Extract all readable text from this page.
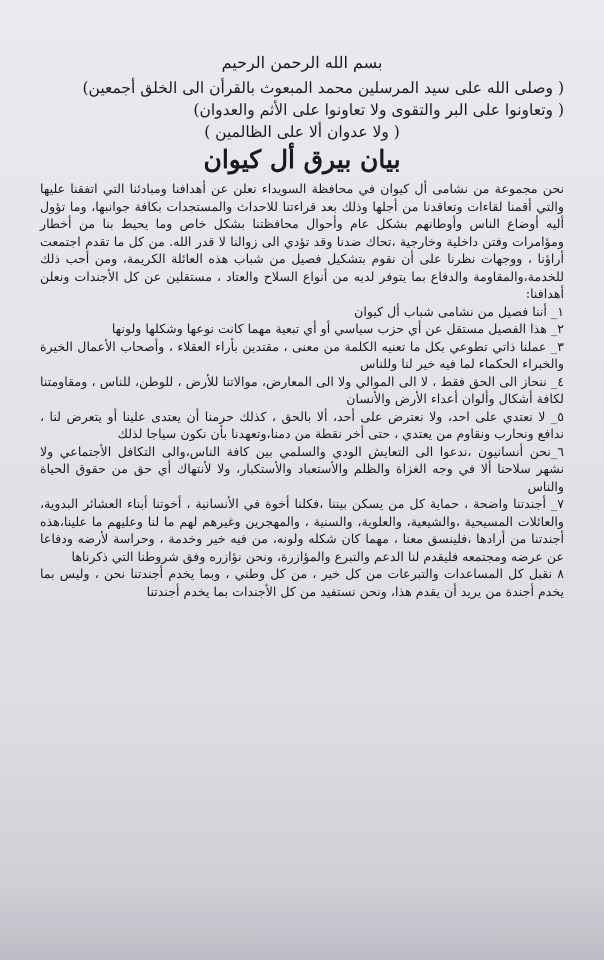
بسم الله الرحمن الرحيم

( وصلى الله على سيد المرسلين محمد المبعوث بالقرأن الى الخلق أجمعين)

( وتعاونوا على البر والتقوى ولا تعاونوا على الأثم والعدوان)

( ولا عدوان ألا على الظالمين )

بيان بيرق أل كيوان

نحن مجموعة من نشامى أل كيوان في محافظة السويداء نعلن عن أهدافنا ومبادئنا التي اتفقنا عليها والتي أقمنا لقاءات وتعاقدنا من أجلها وذلك بعد قراءتنا للاحداث والمستجدات بكافة جوانبها، وما تؤول أليه أوضاع الناس وأوطانهم بشكل عام وأحوال محافظتنا بشكل خاص وما يحيط بنا من أخطار ومؤامرات وفتن داخلية وخارجية ،تحاك ضدنا وقد تؤدي الى زوالنا لا قدر الله. من كل ما تقدم اجتمعت أراؤنا ، ووجهات نظرنا على أن نقوم بتشكيل فصيل من شباب هذه العائلة الكريمة، ومن أحب ذلك للخدمة،والمقاومة والدفاع بما يتوفر لديه من أنواع السلاح والعتاد ، مستقلين عن كل الأجندات ونعلن أهدافنا:

١_ أننا فصيل من نشامى شباب أل كيوان

٢_ هذا الفصيل مستقل عن أي حزب سياسي أو أي تبعية مهما كانت نوعها وشكلها ولونها

٣_ عملنا ذاتي تطوعي بكل ما تعنيه الكلمة من معنى ، مقتدين بأراء العقلاء ، وأصحاب الأعمال الخيرة والخبراء الحكماء لما فيه خير لنا وللناس

٤_ ننحاز الى الحق فقط ، لا الى الموالي ولا الى المعارض، موالاتنا للأرض ، للوطن، للناس ، ومقاومتنا لكافة أشكال وألوان أعداء الأرض والأنسان

٥_ لا نعتدي على احد، ولا نعترض على أحد، ألا بالحق ، كذلك حرمنا أن يعتدى علينا أو يتعرض لنا ، ندافع ونحارب ونقاوم من يعتدي ، حتى أخر نقطة من دمنا،وتعهدنا بأن نكون سياجا لذلك

٦_نحن أنسانيون ،ندعوا الى التعايش الودي والسلمي بين كافة الناس،والى التكافل الأجتماعي ولا نشهر سلاحنا ألا في وجه الغزاة والظلم والأستعباد والأستكبار، ولا لأنتهاك أي حق من حقوق الحياة والناس

٧_ أجندتنا واضحة ، حماية كل من يسكن بيننا ،فكلنا أخوة في الأنسانية ، أخوتنا أبناء العشائر البدوية، والعائلات المسيحية ،والشيعية، والعلوية، والسنية ، والمهجرين وغيرهم لهم ما لنا وعليهم ما علينا،هذه أجندتنا من أرادها ،فلينسق معنا ، مهما كان شكله ولونه، من فيه خير وخدمة ، وحراسة لأرضه ودفاعا عن عرضه ومجتمعه فليقدم لنا الدعم والتبرع والمؤازرة، ونحن نؤازره وفق شروطنا التي ذكرناها

٨ نقبل كل المساعدات والتبرعات من كل خير ، من كل وطني ، وبما يخدم أجندتنا نحن ، وليس بما يخدم أجندة من يريد أن يقدم هذا، ونحن نستفيد من كل الأجندات بما يخدم أجندتنا
